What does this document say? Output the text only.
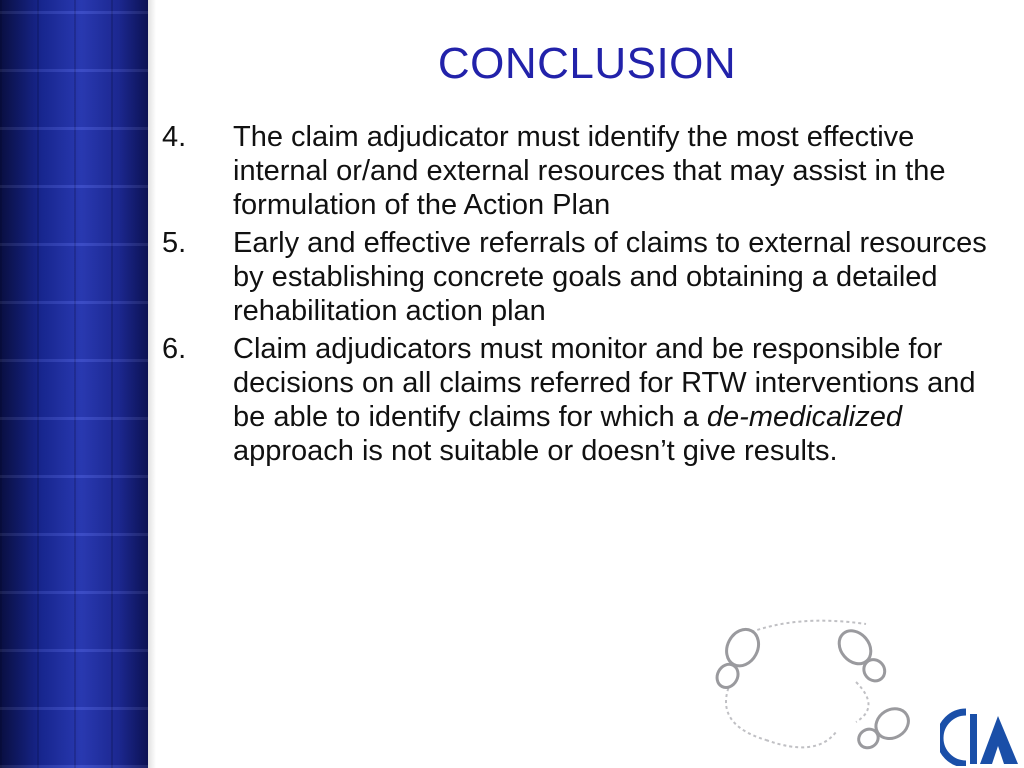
CONCLUSION
4. The claim adjudicator must identify the most effective internal or/and external resources that may assist in the formulation of the Action Plan
5. Early and effective referrals of claims to external resources by establishing concrete goals and obtaining a detailed rehabilitation action plan
6. Claim adjudicators must monitor and be responsible for decisions on all claims referred for RTW interventions and be able to identify claims for which a de-medicalized approach is not suitable or doesn’t give results.
